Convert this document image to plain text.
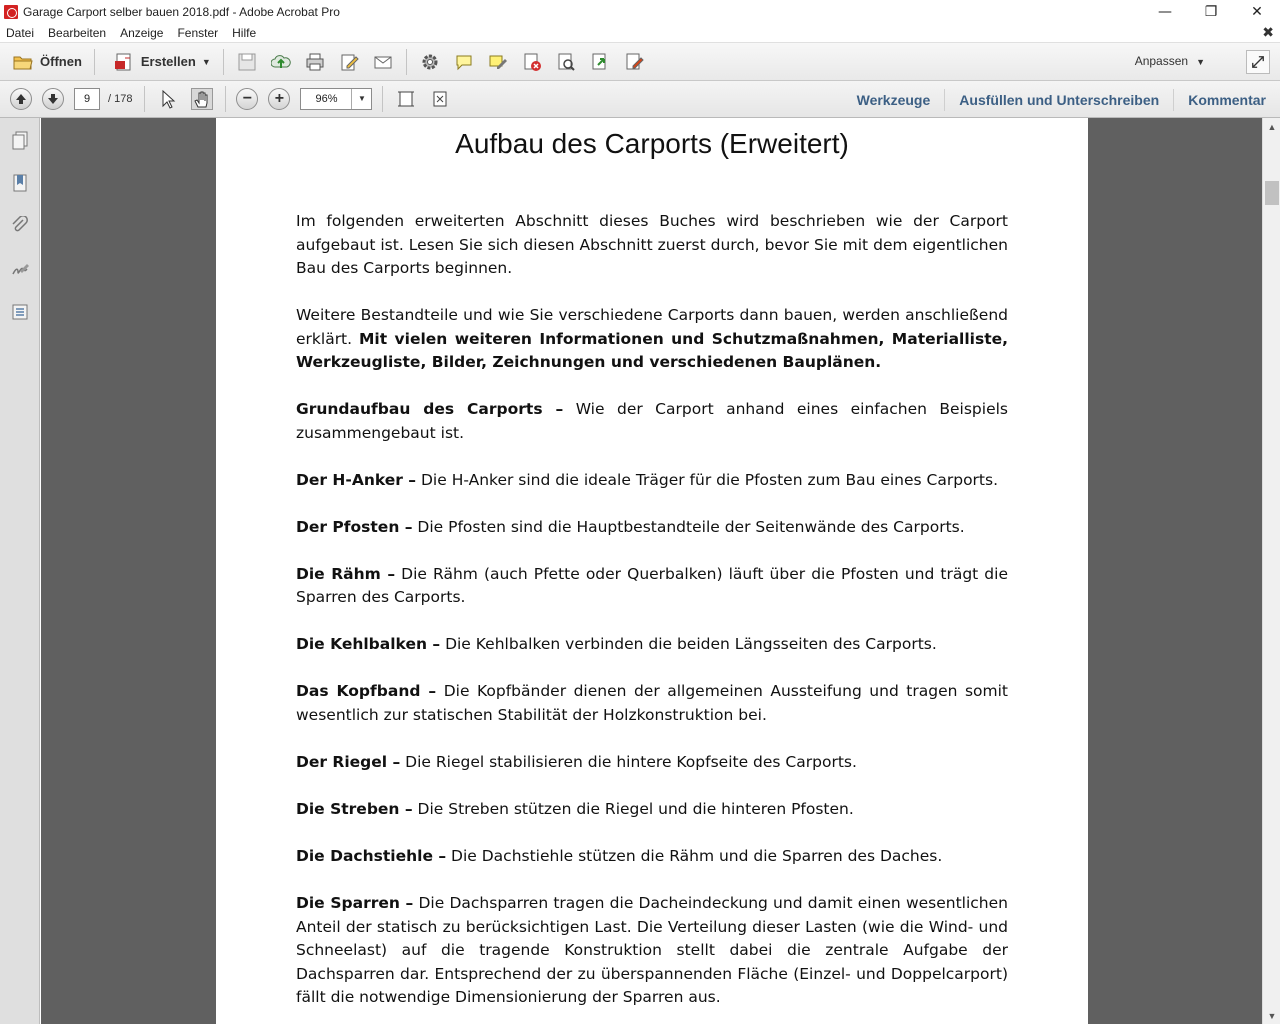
Garage Carport selber bauen 2018.pdf - Adobe Acrobat Pro	—	❐	✕
Datei	Bearbeiten	Anzeige	Fenster	Hilfe	✖
Öffnen	Erstellen ▼	Anpassen ▼
9	/ 178	− +	96%	▼	Werkzeuge	Ausfüllen und Unterschreiben	Kommentar
Aufbau des Carports (Erweitert)

Im folgenden erweiterten Abschnitt dieses Buches wird beschrieben wie der Carport aufgebaut ist. Lesen Sie sich diesen Abschnitt zuerst durch, bevor Sie mit dem eigentlichen Bau des Carports beginnen.

Weitere Bestandteile und wie Sie verschiedene Carports dann bauen, werden anschließend erklärt. Mit vielen weiteren Informationen und Schutzmaßnahmen, Materialliste, Werkzeugliste, Bilder, Zeichnungen und verschiedenen Bauplänen.

Grundaufbau des Carports – Wie der Carport anhand eines einfachen Beispiels zusammengebaut ist.

Der H-Anker – Die H-Anker sind die ideale Träger für die Pfosten zum Bau eines Carports.

Der Pfosten – Die Pfosten sind die Hauptbestandteile der Seitenwände des Carports.

Die Rähm – Die Rähm (auch Pfette oder Querbalken) läuft über die Pfosten und trägt die Sparren des Carports.

Die Kehlbalken – Die Kehlbalken verbinden die beiden Längsseiten des Carports.

Das Kopfband – Die Kopfbänder dienen der allgemeinen Aussteifung und tragen somit wesentlich zur statischen Stabilität der Holzkonstruktion bei.

Der Riegel – Die Riegel stabilisieren die hintere Kopfseite des Carports.

Die Streben – Die Streben stützen die Riegel und die hinteren Pfosten.

Die Dachstiehle – Die Dachstiehle stützen die Rähm und die Sparren des Daches.

Die Sparren – Die Dachsparren tragen die Dacheindeckung und damit einen wesentlichen Anteil der statisch zu berücksichtigen Last. Die Verteilung dieser Lasten (wie die Wind- und Schneelast) auf die tragende Konstruktion stellt dabei die zentrale Aufgabe der Dachsparren dar. Entsprechend der zu überspannenden Fläche (Einzel- und Doppelcarport) fällt die notwendige Dimensionierung der Sparren aus.

▲
▼
